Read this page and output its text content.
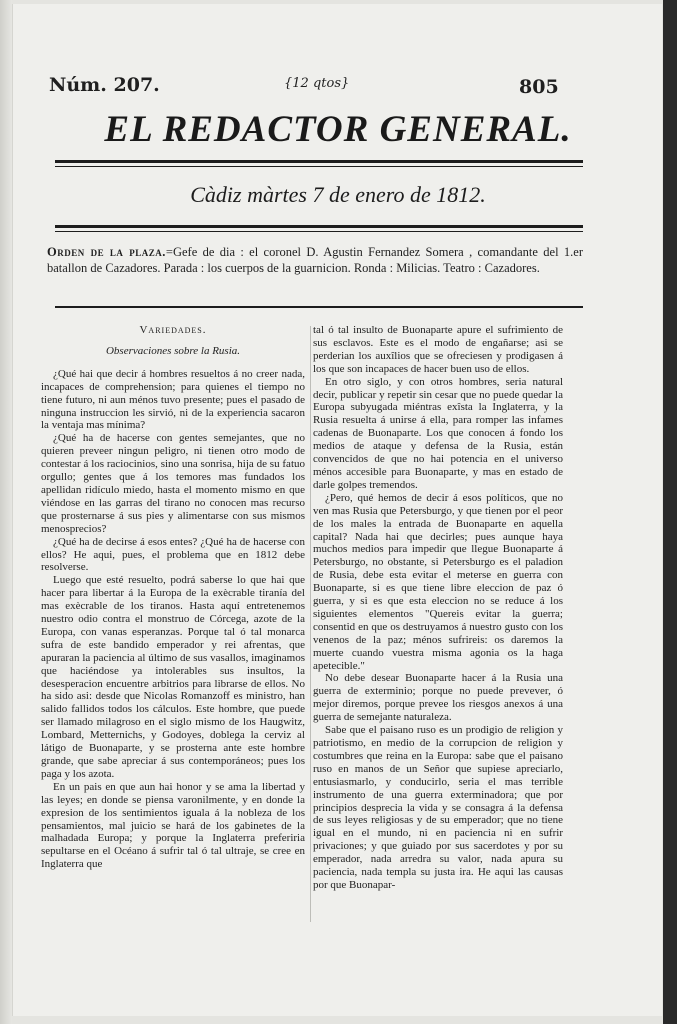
Núm. 207.	{12 qtos}	805
EL REDACTOR GENERAL.
Càdiz màrtes 7 de enero de 1812.
Orden de la plaza.=Gefe de dia : el coronel D. Agustin Fernandez Somera , comandante del 1.er batallon de Cazadores. Parada : los cuerpos de la guarnicion. Ronda : Milicias. Teatro : Cazadores.
Variedades.
Observaciones sobre la Rusia.

¿Qué hai que decir á hombres resueltos á no creer nada, incapaces de comprehension; para quienes el tiempo no tiene futuro, ni aun ménos tuvo presente; pues el pasado de ninguna instruccion les sirvió, ni de la experiencia sacaron la ventaja mas mínima?

¿Qué ha de hacerse con gentes semejantes, que no quieren preveer ningun peligro, ni tienen otro modo de contestar á los raciocinios, sino una sonrisa, hija de su fatuo orgullo; gentes que á los temores mas fundados los apellidan ridículo miedo, hasta el momento mismo en que viéndose en las garras del tirano no conocen mas recurso que prosternarse á sus pies y alimentarse con sus mismos menosprecios?

¿Qué ha de decirse á esos entes? ¿Qué ha de hacerse con ellos? He aqui, pues, el problema que en 1812 debe resolverse.

Luego que esté resuelto, podrá saberse lo que hai que hacer para libertar á la Europa de la exècrable tiranía del mas exècrable de los tiranos. Hasta aquí entretenemos nuestro odio contra el monstruo de Córcega, azote de la Europa, con vanas esperanzas. Porque tal ó tal monarca sufra de este bandido emperador y rei afrentas, que apuraran la paciencia al último de sus vasallos, imaginamos que haciéndose ya intolerables sus insultos, la desesperacion encuentre arbitrios para librarse de ellos. No ha sido asi: desde que Nicolas Romanzoff es ministro, han salido fallidos todos los cálculos. Este hombre, que puede ser llamado milagroso en el siglo mismo de los Haugwitz, Lombard, Metternichs, y Godoyes, doblega la cerviz al látigo de Buonaparte, y se prosterna ante este hombre grande, que sabe apreciar á sus contemporáneos; pues los paga y los azota.

En un pais en que aun hai honor y se ama la libertad y las leyes; en donde se piensa varonilmente, y en donde la expresion de los sentimientos iguala á la nobleza de los pensamientos, mal juicio se hará de los gabinetes de la malhadada Europa; y porque la Inglaterra preferiria sepultarse en el Océano á sufrir tal ó tal ultraje, se cree en Inglaterra que

tal ó tal insulto de Buonaparte apure el sufrimiento de sus esclavos. Este es el modo de engañarse; asi se perderian los auxîlios que se ofreciesen y prodigasen á los que son incapaces de hacer buen uso de ellos.

En otro siglo, y con otros hombres, seria natural decir, publicar y repetir sin cesar que no puede quedar la Europa subyugada miéntras exîsta la Inglaterra, y la Rusia resuelta á unirse á ella, para romper las infames cadenas de Buonaparte. Los que conocen á fondo los medios de ataque y defensa de la Rusia, están convencidos de que no hai potencia en el universo ménos accesible para Buonaparte, y mas en estado de darle golpes tremendos.

¿Pero, qué hemos de decir á esos políticos, que no ven mas Rusia que Petersburgo, y que tienen por el peor de los males la entrada de Buonaparte en aquella capital? Nada hai que decirles; pues aunque haya muchos medios para impedir que llegue Buonaparte á Petersburgo, no obstante, si Petersburgo es el paladion de Rusia, debe esta evitar el meterse en guerra con Buonaparte, si es que tiene libre eleccion de paz ó guerra, y si es que esta eleccion no se reduce á los siguientes elementos "Quereis evitar la guerra; consentid en que os destruyamos á nuestro gusto con los venenos de la paz; ménos sufrireis: os daremos la muerte cuando vuestra misma agonia os la haga apetecible."

No debe desear Buonaparte hacer á la Rusia una guerra de exterminio; porque no puede prevever, ó mejor diremos, porque prevee los riesgos anexos á una guerra de semejante naturaleza.

Sabe que el paisano ruso es un prodigio de religion y patriotismo, en medio de la corrupcion de religion y costumbres que reina en la Europa: sabe que el paisano ruso en manos de un Señor que supiese apreciarlo, entusiasmarlo, y conducirlo, seria el mas terrible instrumento de una guerra exterminadora; que por principios desprecia la vida y se consagra á la defensa de sus leyes religiosas y de su emperador; que no tiene igual en el mundo, ni en paciencia ni en sufrir privaciones; y que guiado por sus sacerdotes y por su emperador, nada arredra su valor, nada apura su paciencia, nada templa su justa ira. He aqui las causas por que Buonapar-
